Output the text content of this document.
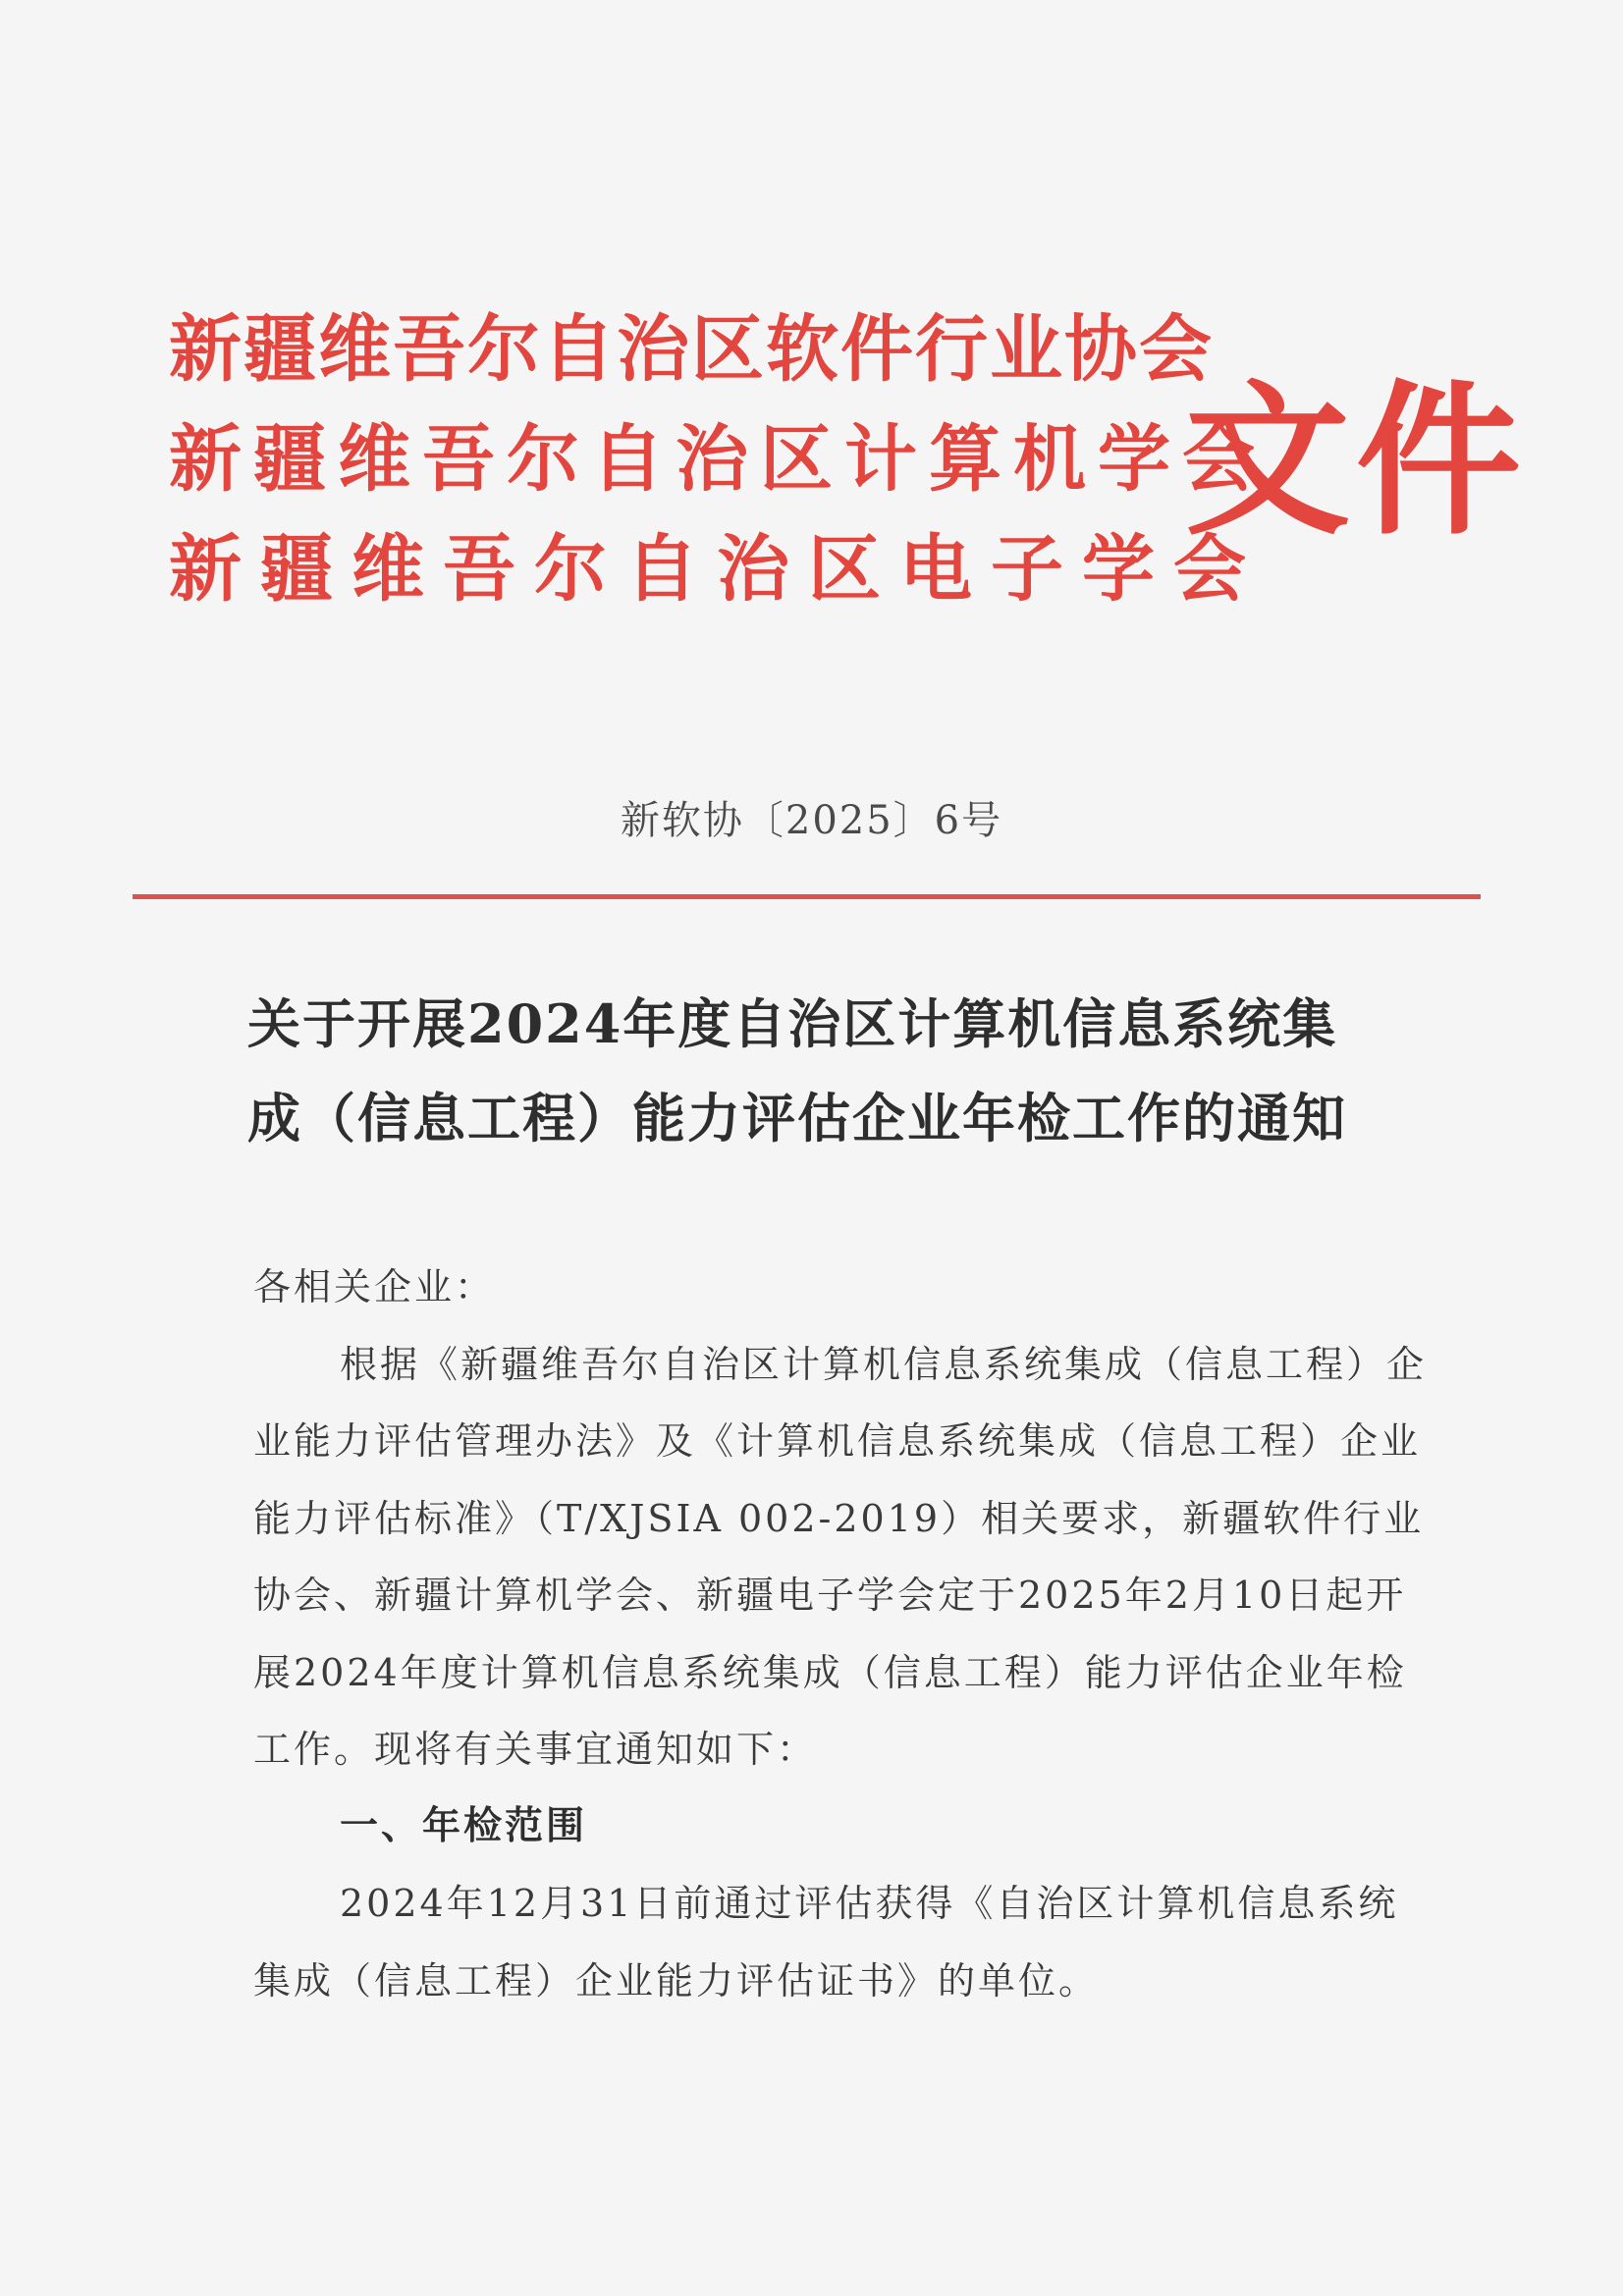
新疆维吾尔自治区软件行业协会
新疆维吾尔自治区计算机学会
新疆维吾尔自治区电子学会
文件
新软协〔2025〕6号
关于开展2024年度自治区计算机信息系统集
成（信息工程）能力评估企业年检工作的通知

各相关企业：

根据《新疆维吾尔自治区计算机信息系统集成（信息工程）企业能力评估管理办法》及《计算机信息系统集成（信息工程）企业能力评估标准》（T/XJSIA 002-2019）相关要求，新疆软件行业协会、新疆计算机学会、新疆电子学会定于2025年2月10日起开展2024年度计算机信息系统集成（信息工程）能力评估企业年检工作。现将有关事宜通知如下：

一、年检范围

2024年12月31日前通过评估获得《自治区计算机信息系统集成（信息工程）企业能力评估证书》的单位。
